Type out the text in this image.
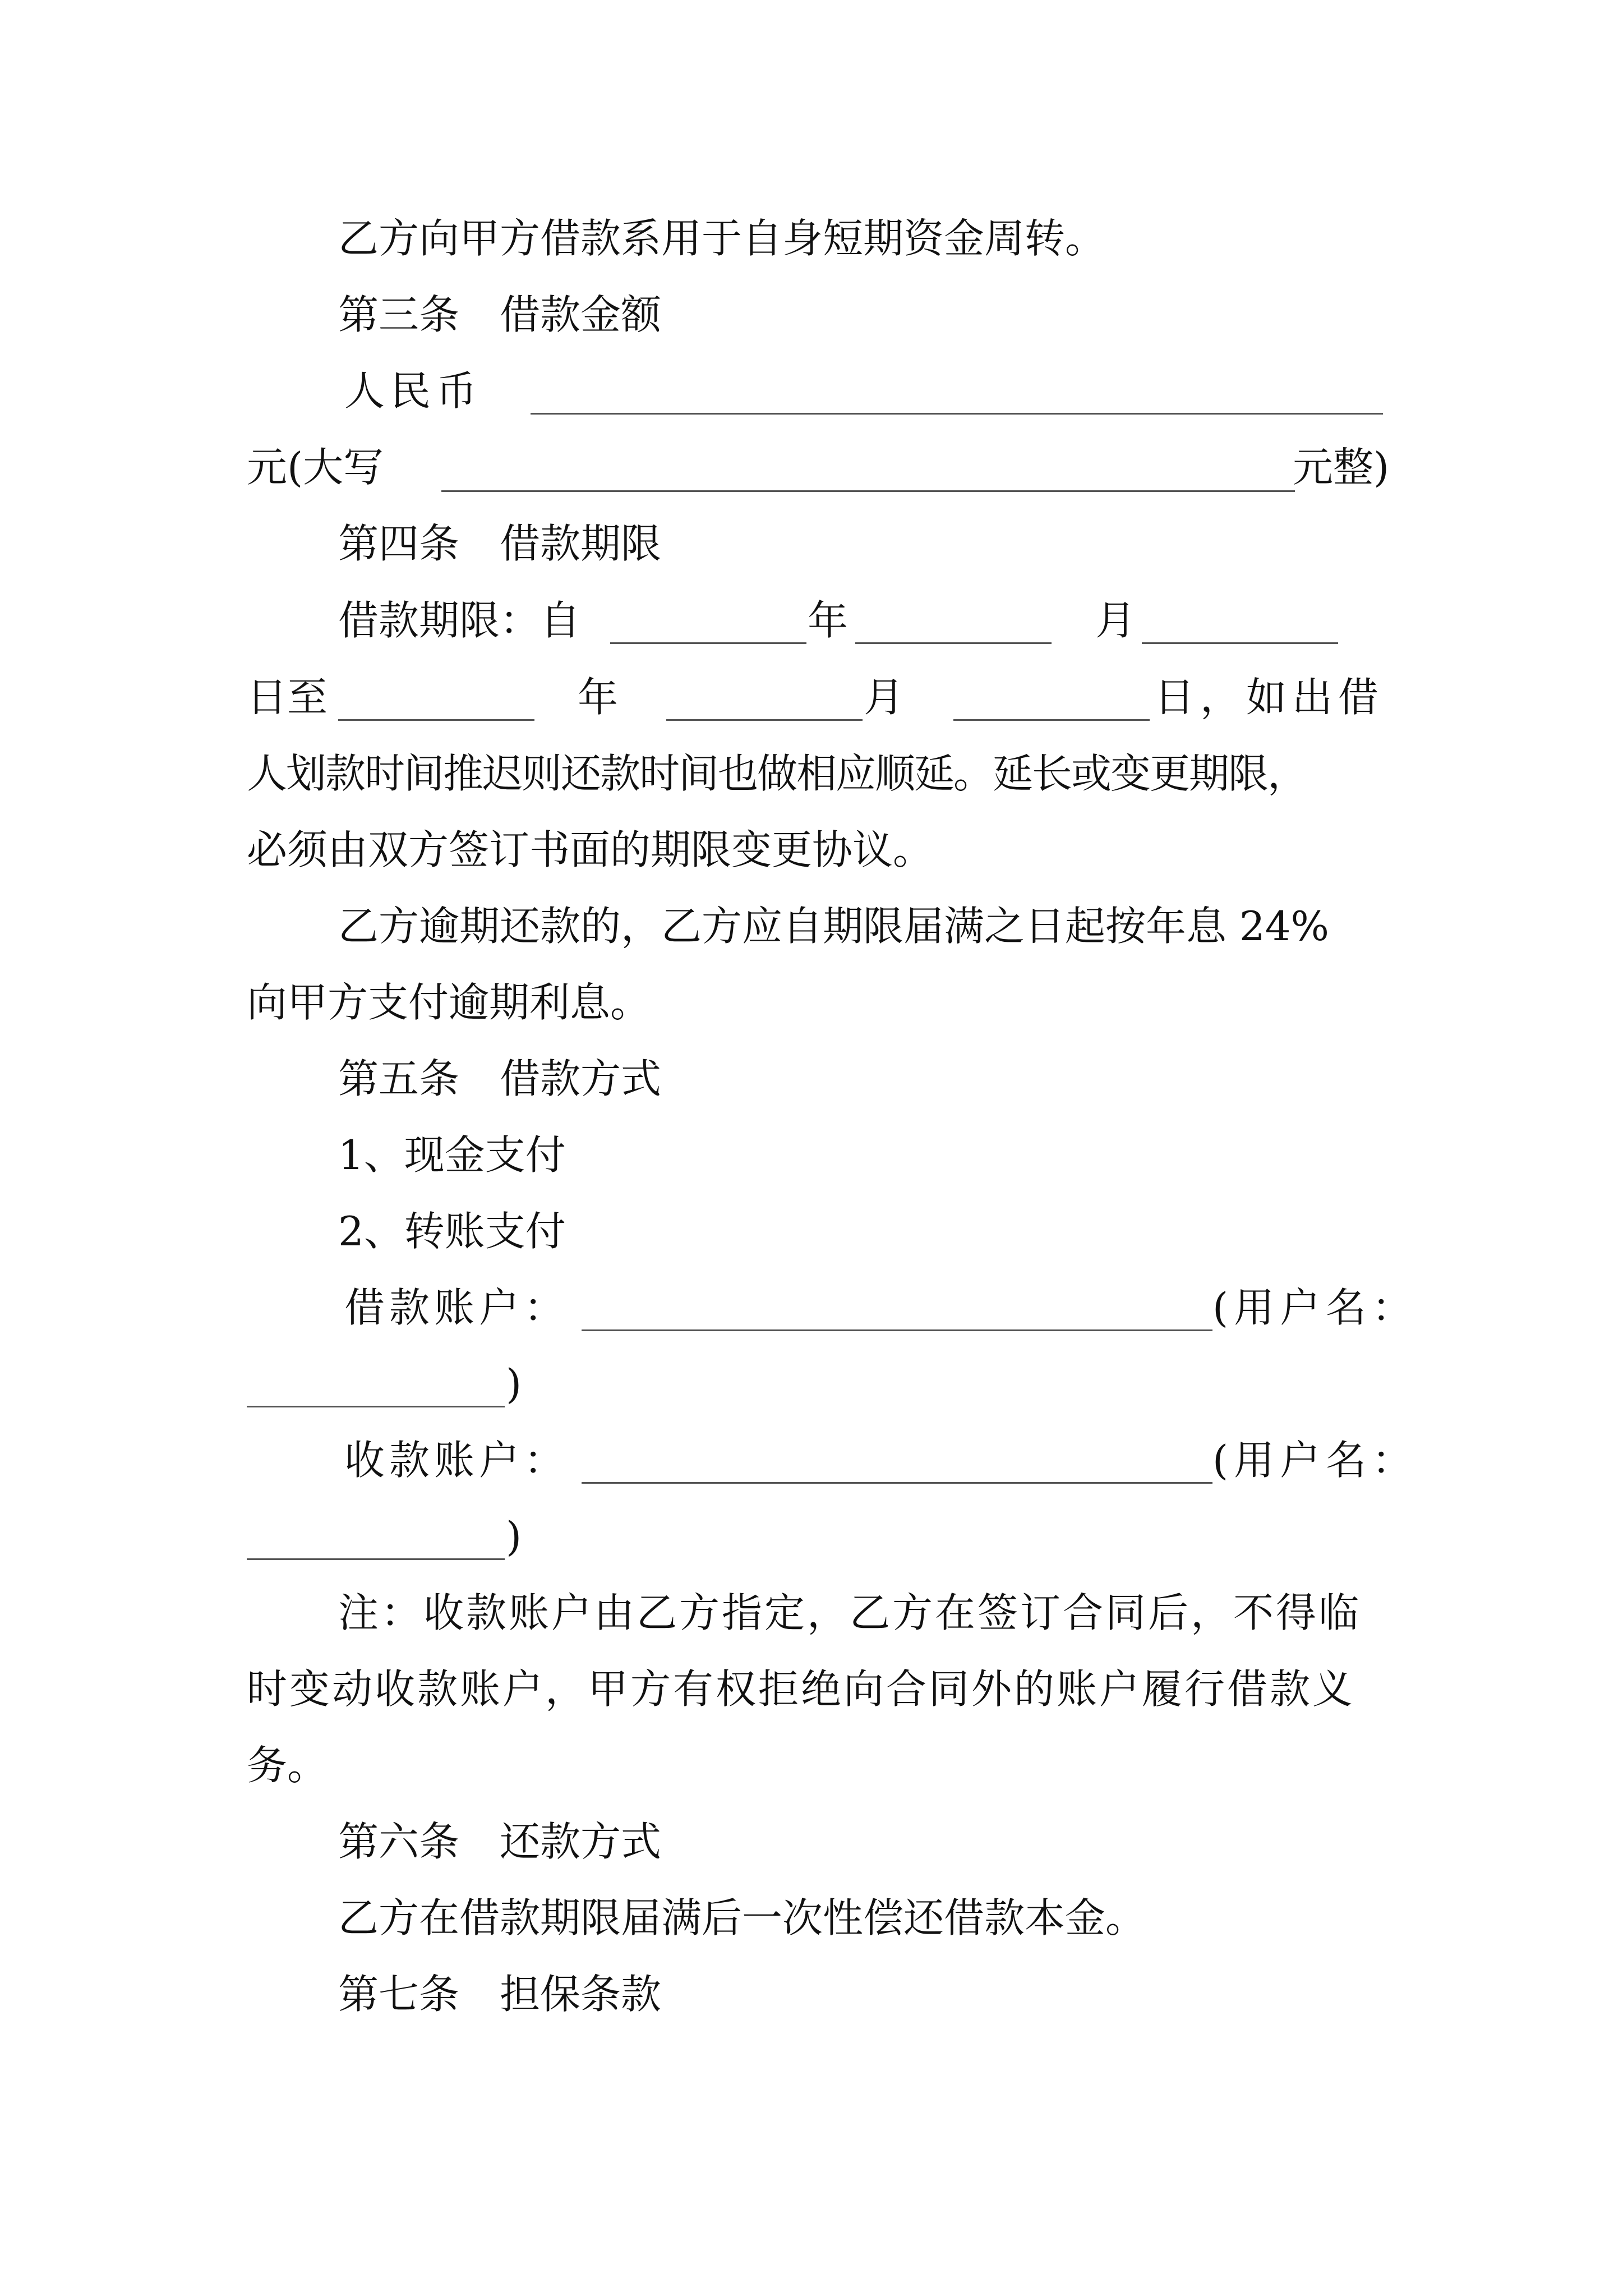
乙方向甲方借款系用于自身短期资金周转。
第三条　借款金额
人民币
元(大写	元整)
第四条　借款期限
借款期限：自	年	月
日至	年	月	日，如出借
人划款时间推迟则还款时间也做相应顺延。延长或变更期限，
必须由双方签订书面的期限变更协议。
乙方逾期还款的，乙方应自期限届满之日起按年息 24%
向甲方支付逾期利息。
第五条　借款方式
1、现金支付
2、转账支付
借款账户：	(用户名：
)
收款账户：	(用户名：
)
注：收款账户由乙方指定，乙方在签订合同后，不得临
时变动收款账户，甲方有权拒绝向合同外的账户履行借款义
务。
第六条　还款方式
乙方在借款期限届满后一次性偿还借款本金。
第七条　担保条款
